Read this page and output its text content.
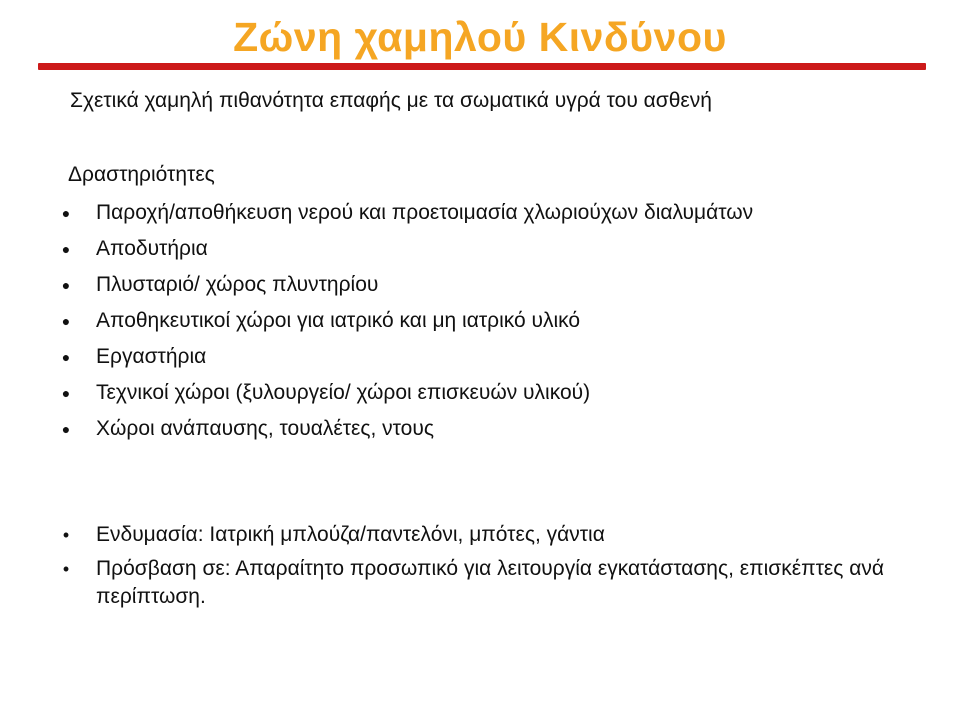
Ζώνη χαμηλού Κινδύνου
Σχετικά χαμηλή πιθανότητα επαφής με τα σωματικά υγρά του ασθενή
Δραστηριότητες
● Παροχή/αποθήκευση νερού και προετοιμασία χλωριούχων διαλυμάτων
● Αποδυτήρια
● Πλυσταριό/ χώρος πλυντηρίου
● Αποθηκευτικοί χώροι για ιατρικό και μη ιατρικό υλικό
● Εργαστήρια
● Τεχνικοί χώροι (ξυλουργείο/ χώροι επισκευών υλικού)
● Χώροι ανάπαυσης, τουαλέτες, ντους
• Ενδυμασία: Ιατρική μπλούζα/παντελόνι, μπότες, γάντια
• Πρόσβαση σε: Απαραίτητο προσωπικό για λειτουργία εγκατάστασης, επισκέπτες ανά περίπτωση.
